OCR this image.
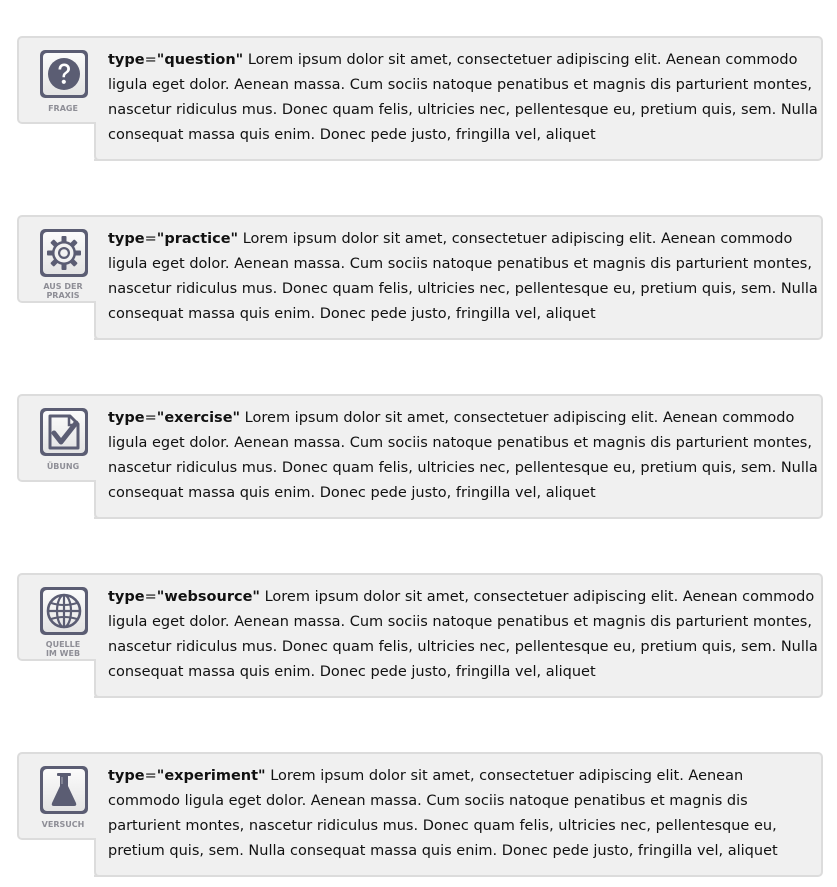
FRAGE
type="question" Lorem ipsum dolor sit amet, consectetuer adipiscing elit. Aenean commodo ligula eget dolor. Aenean massa. Cum sociis natoque penatibus et magnis dis parturient montes, nascetur ridiculus mus. Donec quam felis, ultricies nec, pellentesque eu, pretium quis, sem. Nulla consequat massa quis enim. Donec pede justo, fringilla vel, aliquet
AUS DER
PRAXIS
type="practice" Lorem ipsum dolor sit amet, consectetuer adipiscing elit. Aenean commodo ligula eget dolor. Aenean massa. Cum sociis natoque penatibus et magnis dis parturient montes, nascetur ridiculus mus. Donec quam felis, ultricies nec, pellentesque eu, pretium quis, sem. Nulla consequat massa quis enim. Donec pede justo, fringilla vel, aliquet
ÜBUNG
type="exercise" Lorem ipsum dolor sit amet, consectetuer adipiscing elit. Aenean commodo ligula eget dolor. Aenean massa. Cum sociis natoque penatibus et magnis dis parturient montes, nascetur ridiculus mus. Donec quam felis, ultricies nec, pellentesque eu, pretium quis, sem. Nulla consequat massa quis enim. Donec pede justo, fringilla vel, aliquet
QUELLE
IM WEB
type="websource" Lorem ipsum dolor sit amet, consectetuer adipiscing elit. Aenean commodo ligula eget dolor. Aenean massa. Cum sociis natoque penatibus et magnis dis parturient montes, nascetur ridiculus mus. Donec quam felis, ultricies nec, pellentesque eu, pretium quis, sem. Nulla consequat massa quis enim. Donec pede justo, fringilla vel, aliquet
VERSUCH
type="experiment" Lorem ipsum dolor sit amet, consectetuer adipiscing elit. Aenean commodo ligula eget dolor. Aenean massa. Cum sociis natoque penatibus et magnis dis parturient montes, nascetur ridiculus mus. Donec quam felis, ultricies nec, pellentesque eu, pretium quis, sem. Nulla consequat massa quis enim. Donec pede justo, fringilla vel, aliquet
